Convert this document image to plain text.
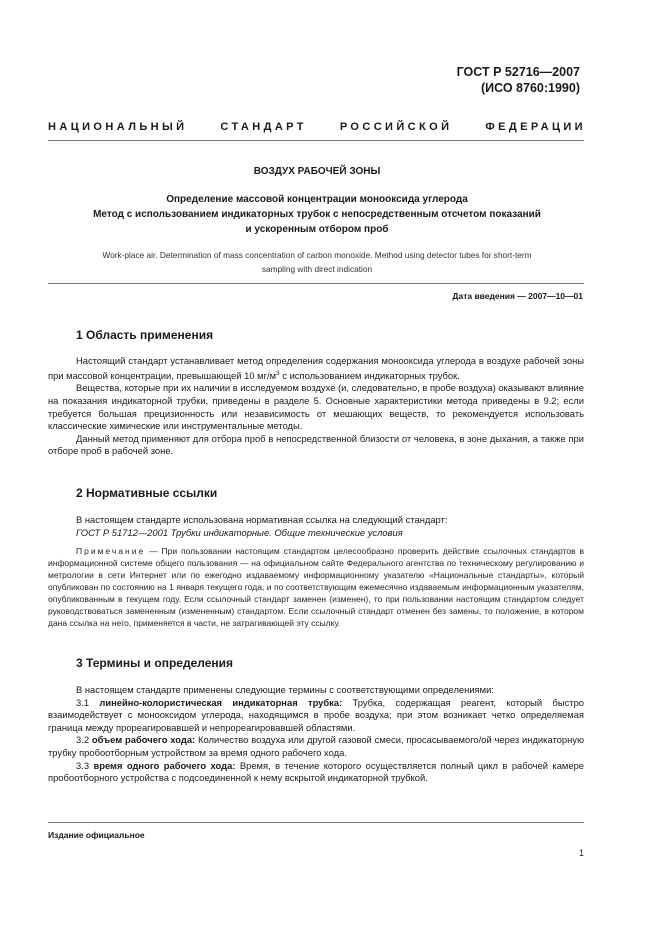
ГОСТ Р 52716—2007
(ИСО 8760:1990)
НАЦИОНАЛЬНЫЙ СТАНДАРТ РОССИЙСКОЙ ФЕДЕРАЦИИ
ВОЗДУХ РАБОЧЕЙ ЗОНЫ
Определение массовой концентрации монооксида углерода
Метод с использованием индикаторных трубок с непосредственным отсчетом показаний
и ускоренным отбором проб
Work-place air. Determination of mass concentration of carbon monoxide. Method using detector tubes for short-term
sampling with direct indication
Дата введения — 2007—10—01
1 Область применения

Настоящий стандарт устанавливает метод определения содержания монооксида углерода в воздухе рабочей зоны при массовой концентрации, превышающей 10 $мг/м^3$ с использованием индикаторных трубок.

Вещества, которые при их наличии в исследуемом воздухе (и, следовательно, в пробе воздуха) оказывают влияние на показания индикаторной трубки, приведены в разделе 5. Основные характеристики метода приведены в 9.2; если требуется большая прецизионность или независимость от мешающих веществ, то рекомендуется использовать классические химические или инструментальные методы.

Данный метод применяют для отбора проб в непосредственной близости от человека, в зоне дыхания, а также при отборе проб в рабочей зоне.

2 Нормативные ссылки

В настоящем стандарте использована нормативная ссылка на следующий стандарт:

ГОСТ Р 51712—2001 Трубки индикаторные. Общие технические условия

Примечание — При пользовании настоящим стандартом целесообразно проверить действие ссылочных стандартов в информационной системе общего пользования — на официальном сайте Федерального агентства по техническому регулированию и метрологии в сети Интернет или по ежегодно издаваемому информационному указателю «Национальные стандарты», который опубликован по состоянию на 1 января текущего года, и по соответствующим ежемесячно издаваемым информационным указателям, опубликованным в текущем году. Если ссылочный стандарт заменен (изменен), то при пользовании настоящим стандартом следует руководствоваться замененным (измененным) стандартом. Если ссылочный стандарт отменен без замены, то положение, в котором дана ссылка на него, применяется в части, не затрагивающей эту ссылку.

3 Термины и определения

В настоящем стандарте применены следующие термины с соответствующими определениями:

3.1 линейно-колористическая индикаторная трубка: Трубка, содержащая реагент, который быстро взаимодействует с монооксидом углерода, находящимся в пробе воздуха; при этом возникает четко определяемая граница между прореагировавшей и непрореагировавшей областями.

3.2 объем рабочего хода: Количество воздуха или другой газовой смеси, просасываемого/ой через индикаторную трубку пробоотборным устройством за время одного рабочего хода.

3.3 время одного рабочего хода: Время, в течение которого осуществляется полный цикл в рабочей камере пробоотборного устройства с подсоединенной к нему вскрытой индикаторной трубкой.

Издание официальное
1
